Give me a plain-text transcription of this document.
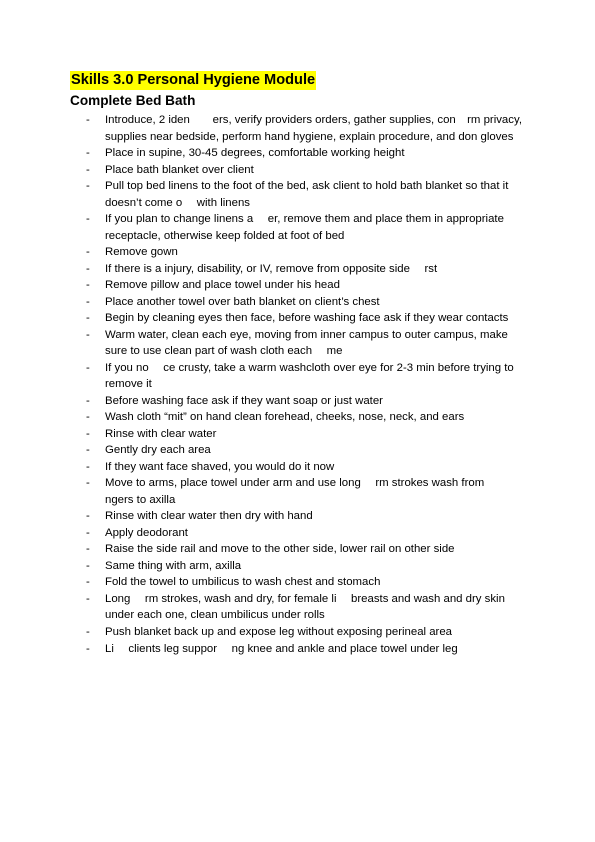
Skills 3.0 Personal Hygiene Module
Complete Bed Bath
-	Introduce, 2 iden  ers, verify providers orders, gather supplies, con rm privacy, supplies near bedside, perform hand hygiene, explain procedure, and don gloves
-	Place in supine, 30-45 degrees, comfortable working height
-	Place bath blanket over client
-	Pull top bed linens to the foot of the bed, ask client to hold bath blanket so that it doesn’t come o  with linens
-	If you plan to change linens a  er, remove them and place them in appropriate receptacle, otherwise keep folded at foot of bed
-	Remove gown
-	If there is a injury, disability, or IV, remove from opposite side  rst
-	Remove pillow and place towel under his head
-	Place another towel over bath blanket on client’s chest
-	Begin by cleaning eyes then face, before washing face ask if they wear contacts
-	Warm water, clean each eye, moving from inner campus to outer campus, make sure to use clean part of wash cloth each  me
-	If you no  ce crusty, take a warm washcloth over eye for 2-3 min before trying to remove it
-	Before washing face ask if they want soap or just water
-	Wash cloth “mit” on hand clean forehead, cheeks, nose, neck, and ears
-	Rinse with clear water
-	Gently dry each area
-	If they want face shaved, you would do it now
-	Move to arms, place towel under arm and use long  rm strokes wash from  ngers to axilla
-	Rinse with clear water then dry with hand
-	Apply deodorant
-	Raise the side rail and move to the other side, lower rail on other side
-	Same thing with arm, axilla
-	Fold the towel to umbilicus to wash chest and stomach
-	Long  rm strokes, wash and dry, for female li  breasts and wash and dry skin under each one, clean umbilicus under rolls
-	Push blanket back up and expose leg without exposing perineal area
-	Li  clients leg suppor  ng knee and ankle and place towel under leg
